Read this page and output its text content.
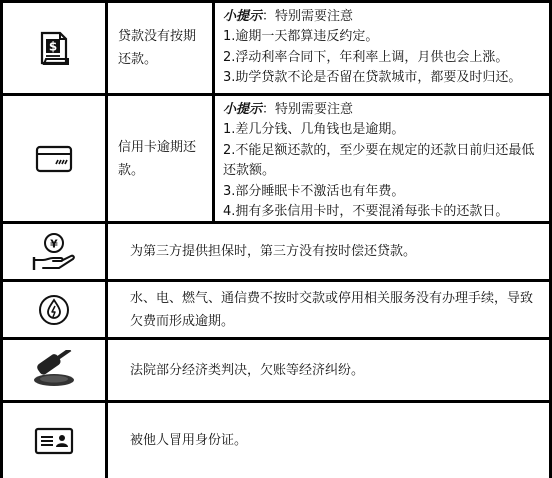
$
贷款没有按期还款。

小提示：特别需要注意

1.逾期一天都算违反约定。

2.浮动利率合同下，年利率上调，月供也会上涨。

3.助学贷款不论是否留在贷款城市，都要及时归还。

信用卡逾期还款。

小提示：特别需要注意

1.差几分钱、几角钱也是逾期。

2.不能足额还款的，至少要在规定的还款日前归还最低还款额。

3.部分睡眠卡不激活也有年费。

4.拥有多张信用卡时，不要混淆每张卡的还款日。

¥
为第三方提供担保时，第三方没有按时偿还贷款。
水、电、燃气、通信费不按时交款或停用相关服务没有办理手续，导致欠费而形成逾期。
法院部分经济类判决，欠账等经济纠纷。
被他人冒用身份证。
